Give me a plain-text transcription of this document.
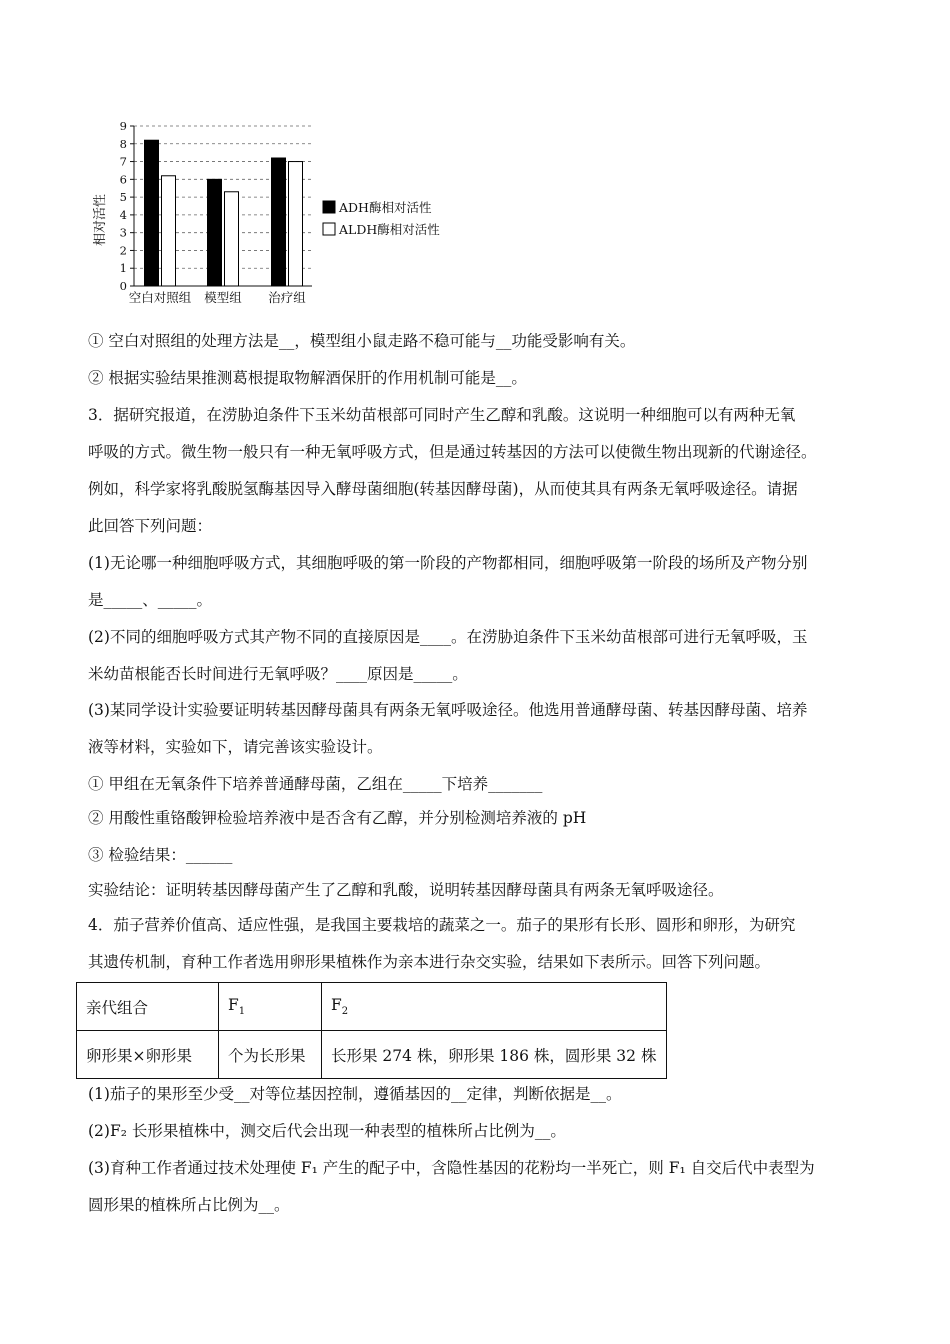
0
1
2
3
4
5
6
7
8
9
空白对照组 模型组 治疗组
相对活性	ADH酶相对活性
ALDH酶相对活性
① 空白对照组的处理方法是__，模型组小鼠走路不稳可能与__功能受影响有关。
② 根据实验结果推测葛根提取物解酒保肝的作用机制可能是__。
3．据研究报道，在涝胁迫条件下玉米幼苗根部可同时产生乙醇和乳酸。这说明一种细胞可以有两种无氧
呼吸的方式。微生物一般只有一种无氧呼吸方式，但是通过转基因的方法可以使微生物出现新的代谢途径。
例如，科学家将乳酸脱氢酶基因导入酵母菌细胞(转基因酵母菌)，从而使其具有两条无氧呼吸途径。请据
此回答下列问题：
(1)无论哪一种细胞呼吸方式，其细胞呼吸的第一阶段的产物都相同，细胞呼吸第一阶段的场所及产物分别
是_____、_____。
(2)不同的细胞呼吸方式其产物不同的直接原因是____。在涝胁迫条件下玉米幼苗根部可进行无氧呼吸，玉
米幼苗根能否长时间进行无氧呼吸？____原因是_____。
(3)某同学设计实验要证明转基因酵母菌具有两条无氧呼吸途径。他选用普通酵母菌、转基因酵母菌、培养
液等材料，实验如下，请完善该实验设计。
① 甲组在无氧条件下培养普通酵母菌，乙组在_____下培养_______
② 用酸性重铬酸钾检验培养液中是否含有乙醇，并分别检测培养液的 pH
③ 检验结果：______
实验结论：证明转基因酵母菌产生了乙醇和乳酸，说明转基因酵母菌具有两条无氧呼吸途径。
4．茄子营养价值高、适应性强，是我国主要栽培的蔬菜之一。茄子的果形有长形、圆形和卵形，为研究
其遗传机制，育种工作者选用卵形果植株作为亲本进行杂交实验，结果如下表所示。回答下列问题。
亲代组合	$F_1$	$F_2$
卵形果×卵形果	个为长形果	长形果 274 株，卵形果 186 株，圆形果 32 株
(1)茄子的果形至少受__对等位基因控制，遵循基因的__定律，判断依据是__。
(2)F₂ 长形果植株中，测交后代会出现一种表型的植株所占比例为__。
(3)育种工作者通过技术处理使 F₁ 产生的配子中，含隐性基因的花粉均一半死亡，则 F₁ 自交后代中表型为
圆形果的植株所占比例为__。
